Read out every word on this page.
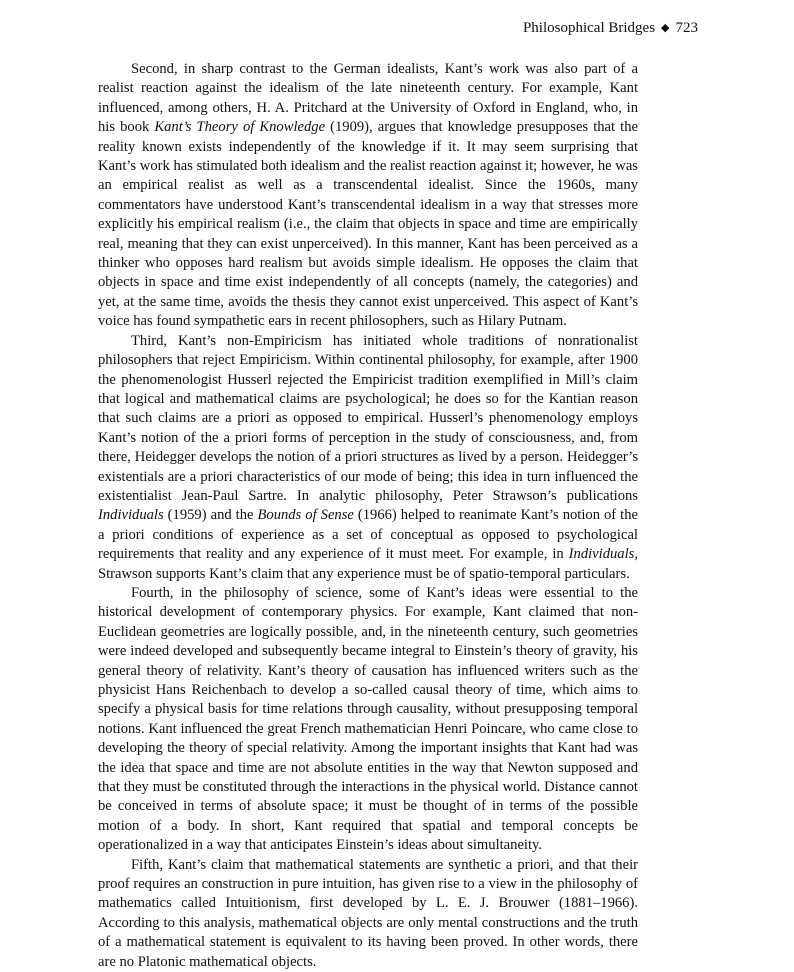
Philosophical Bridges ◆ 723

Second, in sharp contrast to the German idealists, Kant’s work was also part of a realist reaction against the idealism of the late nineteenth century. For example, Kant influenced, among others, H. A. Pritchard at the University of Oxford in England, who, in his book Kant’s Theory of Knowledge (1909), argues that knowledge presupposes that the reality known exists independently of the knowledge if it. It may seem surprising that Kant’s work has stimulated both idealism and the realist reaction against it; however, he was an empirical realist as well as a transcendental idealist. Since the 1960s, many commentators have understood Kant’s transcendental idealism in a way that stresses more explicitly his empirical realism (i.e., the claim that objects in space and time are empirically real, meaning that they can exist unperceived). In this manner, Kant has been perceived as a thinker who opposes hard realism but avoids simple idealism. He opposes the claim that objects in space and time exist independently of all concepts (namely, the categories) and yet, at the same time, avoids the thesis they cannot exist unperceived. This aspect of Kant’s voice has found sympathetic ears in recent philosophers, such as Hilary Putnam.

Third, Kant’s non-Empiricism has initiated whole traditions of nonrationalist philosophers that reject Empiricism. Within continental philosophy, for example, after 1900 the phenomenologist Husserl rejected the Empiricist tradition exemplified in Mill’s claim that logical and mathematical claims are psychological; he does so for the Kantian reason that such claims are a priori as opposed to empirical. Husserl’s phenomenology employs Kant’s notion of the a priori forms of perception in the study of consciousness, and, from there, Heidegger develops the notion of a priori structures as lived by a person. Heidegger’s existentials are a priori characteristics of our mode of being; this idea in turn influenced the existentialist Jean-Paul Sartre. In analytic philosophy, Peter Strawson’s publications Individuals (1959) and the Bounds of Sense (1966) helped to reanimate Kant’s notion of the a priori conditions of experience as a set of conceptual as opposed to psychological requirements that reality and any experience of it must meet. For example, in Individuals, Strawson supports Kant’s claim that any experience must be of spatio-temporal particulars.

Fourth, in the philosophy of science, some of Kant’s ideas were essential to the historical development of contemporary physics. For example, Kant claimed that non-Euclidean geometries are logically possible, and, in the nineteenth century, such geometries were indeed developed and subsequently became integral to Einstein’s theory of gravity, his general theory of relativity. Kant’s theory of causation has influenced writers such as the physicist Hans Reichenbach to develop a so-called causal theory of time, which aims to specify a physical basis for time relations through causality, without presupposing temporal notions. Kant influenced the great French mathematician Henri Poincare, who came close to developing the theory of special relativity. Among the important insights that Kant had was the idea that space and time are not absolute entities in the way that Newton supposed and that they must be constituted through the interactions in the physical world. Distance cannot be conceived in terms of absolute space; it must be thought of in terms of the possible motion of a body. In short, Kant required that spatial and temporal concepts be operationalized in a way that anticipates Einstein’s ideas about simultaneity.

Fifth, Kant’s claim that mathematical statements are synthetic a priori, and that their proof requires an construction in pure intuition, has given rise to a view in the philosophy of mathematics called Intuitionism, first developed by L. E. J. Brouwer (1881–1966). According to this analysis, mathematical objects are only mental constructions and the truth of a mathematical statement is equivalent to its having been proved. In other words, there are no Platonic mathematical objects.
